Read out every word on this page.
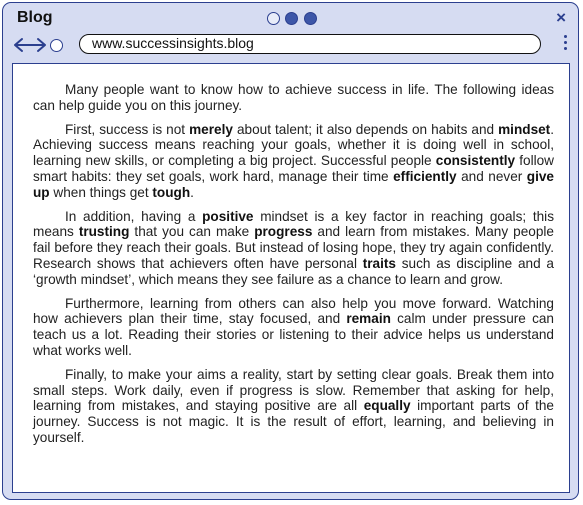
Blog	×
www.successinsights.blog

Many people want to know how to achieve success in life. The following ideas can help guide you on this journey.

First, success is not merely about talent; it also depends on habits and mindset. Achieving success means reaching your goals, whether it is doing well in school, learning new skills, or completing a big project. Successful people consistently follow smart habits: they set goals, work hard, manage their time efficiently and never give up when things get tough.

In addition, having a positive mindset is a key factor in reaching goals; this means trusting that you can make progress and learn from mistakes. Many people fail before they reach their goals. But instead of losing hope, they try again confidently. Research shows that achievers often have personal traits such as discipline and a ‘growth mindset’, which means they see failure as a chance to learn and grow.

Furthermore, learning from others can also help you move forward. Watching how achievers plan their time, stay focused, and remain calm under pressure can teach us a lot. Reading their stories or listening to their advice helps us understand what works well.

Finally, to make your aims a reality, start by setting clear goals. Break them into small steps. Work daily, even if progress is slow. Remember that asking for help, learning from mistakes, and staying positive are all equally important parts of the journey. Success is not magic. It is the result of effort, learning, and believing in yourself.
